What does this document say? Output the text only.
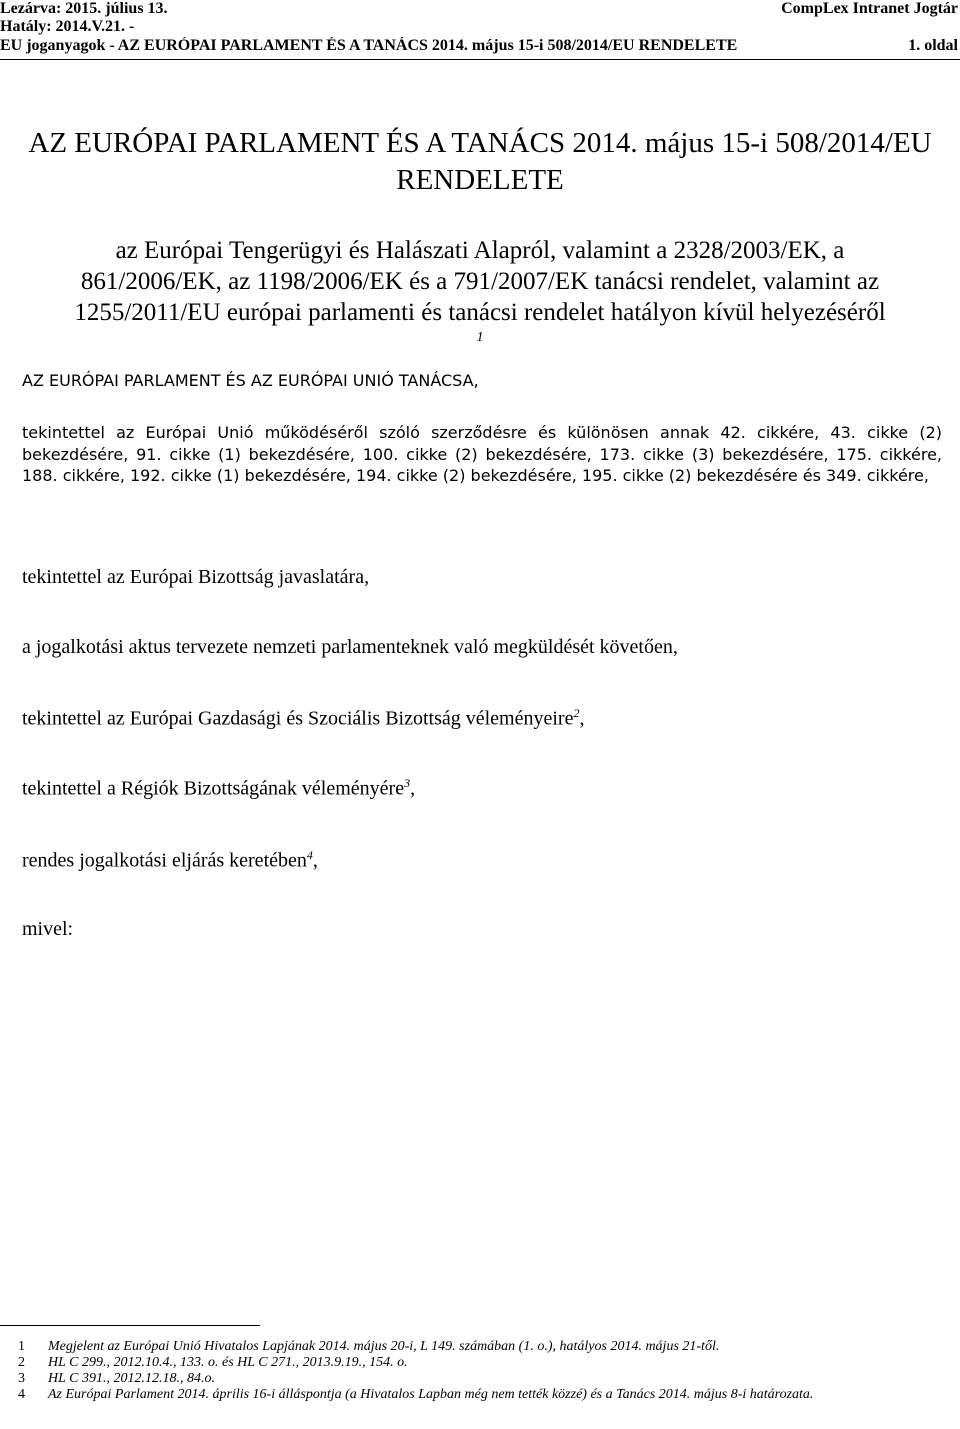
Lezárva: 2015. július 13.	CompLex Intranet Jogtár
Hatály: 2014.V.21. -
EU joganyagok - AZ EURÓPAI PARLAMENT ÉS A TANÁCS 2014. május 15-i 508/2014/EU RENDELETE	1. oldal
AZ EURÓPAI PARLAMENT ÉS A TANÁCS 2014. május 15-i 508/2014/EU
RENDELETE
az Európai Tengerügyi és Halászati Alapról, valamint a 2328/2003/EK, a
861/2006/EK, az 1198/2006/EK és a 791/2007/EK tanácsi rendelet, valamint az
1255/2011/EU európai parlamenti és tanácsi rendelet hatályon kívül helyezéséről
1
AZ EURÓPAI PARLAMENT ÉS AZ EURÓPAI UNIÓ TANÁCSA,
tekintettel az Európai Unió működéséről szóló szerződésre és különösen annak 42. cikkére, 43. cikke (2) bekezdésére, 91. cikke (1) bekezdésére, 100. cikke (2) bekezdésére, 173. cikke (3) bekezdésére, 175. cikkére, 188. cikkére, 192. cikke (1) bekezdésére, 194. cikke (2) bekezdésére, 195. cikke (2) bekezdésére és 349. cikkére,
tekintettel az Európai Bizottság javaslatára,
a jogalkotási aktus tervezete nemzeti parlamenteknek való megküldését követően,
tekintettel az Európai Gazdasági és Szociális Bizottság véleményeire$^2$,
tekintettel a Régiók Bizottságának véleményére$^3$,
rendes jogalkotási eljárás keretében$^4$,
mivel:
1 Megjelent az Európai Unió Hivatalos Lapjának 2014. május 20-i, L 149. számában (1. o.), hatályos 2014. május 21-től.
2 HL C 299., 2012.10.4., 133. o. és HL C 271., 2013.9.19., 154. o.
3 HL C 391., 2012.12.18., 84.o.
4 Az Európai Parlament 2014. április 16-i álláspontja (a Hivatalos Lapban még nem tették közzé) és a Tanács 2014. május 8-i határozata.
